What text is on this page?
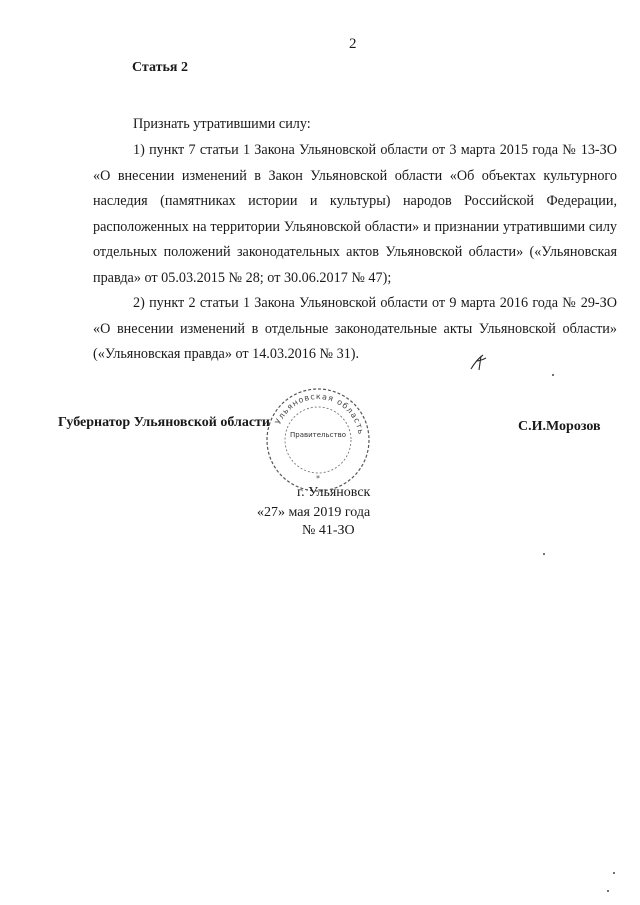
2
Статья 2
Признать утратившими силу:
1) пункт 7 статьи 1 Закона Ульяновской области от 3 марта 2015 года № 13-ЗО «О внесении изменений в Закон Ульяновской области «Об объектах культурного наследия (памятниках истории и культуры) народов Российской Федерации, расположенных на территории Ульяновской области» и признании утратившими силу отдельных положений законодательных актов Ульяновской области» («Ульяновская правда» от 05.03.2015 № 28; от 30.06.2017 № 47);
2) пункт 2 статьи 1 Закона Ульяновской области от 9 марта 2016 года № 29-ЗО «О внесении изменений в отдельные законодательные акты Ульяновской области» («Ульяновская правда» от 14.03.2016 № 31).
Губернатор Ульяновской области Ульяновская область
Правительство
*
С.И.Морозов
г. Ульяновск
«27» мая 2019 года
№ 41-ЗО
